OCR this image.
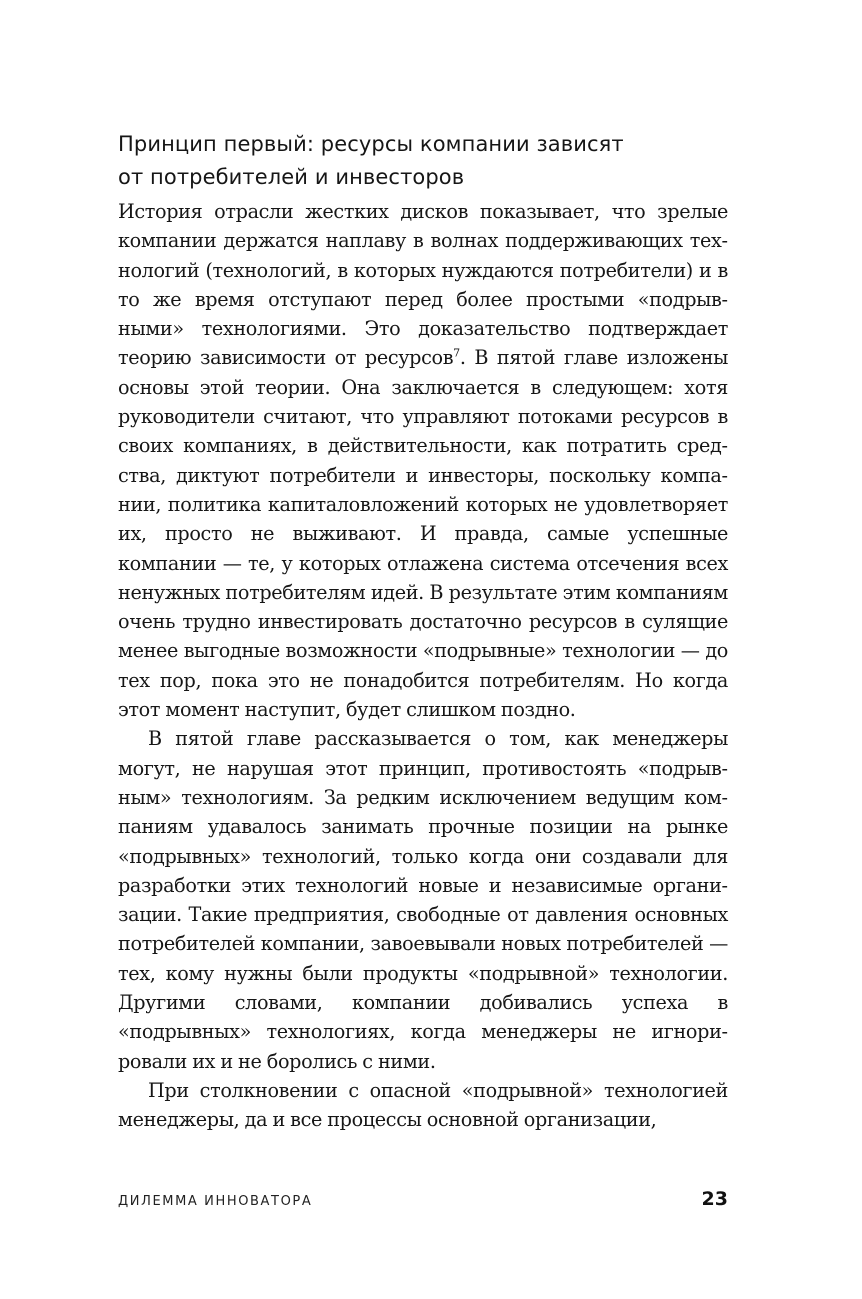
Принцип первый: ресурсы компании зависят
от потребителей и инвесторов

История отрасли жестких дисков показывает, что зрелые компании держатся наплаву в волнах поддерживающих технологий (технологий, в которых нуждаются потребители) и в то же время отступают перед более простыми «подрывными» технологиями. Это доказательство подтверждает теорию зависимости от ресурсов$^7$. В пятой главе изложены основы этой теории. Она заключается в следующем: хотя руководители считают, что управляют потоками ресурсов в своих компаниях, в действительности, как потратить средства, диктуют потребители и инвесторы, поскольку компании, политика капиталовложений которых не удовлетворяет их, просто не выживают. И правда, самые успешные компании — те, у которых отлажена система отсечения всех ненужных потребителям идей. В результате этим компаниям очень трудно инвестировать достаточно ресурсов в сулящие менее выгодные возможности «подрывные» технологии — до тех пор, пока это не понадобится потребителям. Но когда этот момент наступит, будет слишком поздно.

В пятой главе рассказывается о том, как менеджеры могут, не нарушая этот принцип, противостоять «подрывным» технологиям. За редким исключением ведущим компаниям удавалось занимать прочные позиции на рынке «подрывных» технологий, только когда они создавали для разработки этих технологий новые и независимые организации. Такие предприятия, свободные от давления основных потребителей компании, завоевывали новых потребителей — тех, кому нужны были продукты «подрывной» технологии. Другими словами, компании добивались успеха в «подрывных» технологиях, когда менеджеры не игнорировали их и не боролись с ними.

При столкновении с опасной «подрывной» технологией менеджеры, да и все процессы основной организации,

ДИЛЕММА ИННОВАТОРА	23
